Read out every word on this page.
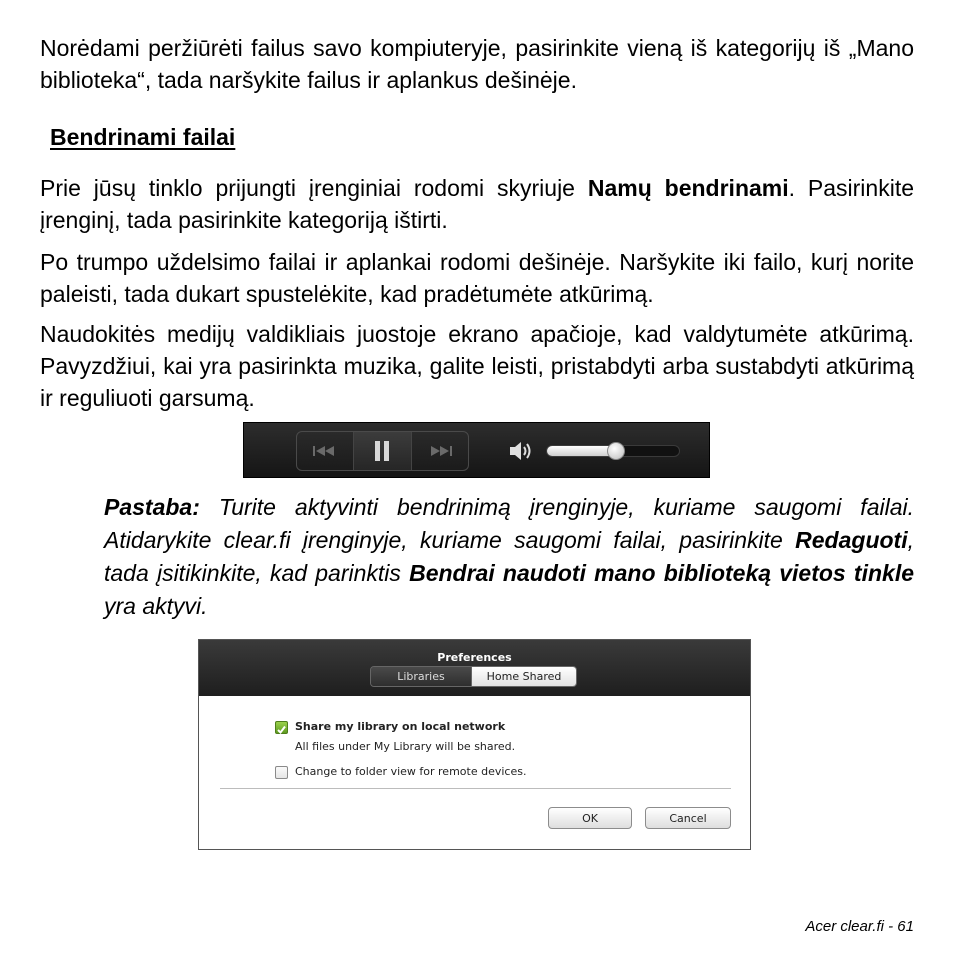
Norėdami peržiūrėti failus savo kompiuteryje, pasirinkite vieną iš kategorijų iš „Mano biblioteka“, tada naršykite failus ir aplankus dešinėje.

Bendrinami failai

Prie jūsų tinklo prijungti įrenginiai rodomi skyriuje Namų bendrinami. Pasirinkite įrenginį, tada pasirinkite kategoriją ištirti.

Po trumpo uždelsimo failai ir aplankai rodomi dešinėje. Naršykite iki failo, kurį norite paleisti, tada dukart spustelėkite, kad pradėtumėte atkūrimą.

Naudokitės medijų valdikliais juostoje ekrano apačioje, kad valdytumėte atkūrimą. Pavyzdžiui, kai yra pasirinkta muzika, galite leisti, pristabdyti arba sustabdyti atkūrimą ir reguliuoti garsumą.

Pastaba: Turite aktyvinti bendrinimą įrenginyje, kuriame saugomi failai. Atidarykite clear.fi įrenginyje, kuriame saugomi failai, pasirinkite Redaguoti, tada įsitikinkite, kad parinktis Bendrai naudoti mano biblioteką vietos tinkle yra aktyvi.

Preferences
Libraries	Home Shared
Share my library on local network
All files under My Library will be shared.
Change to folder view for remote devices.
OK	Cancel
Acer clear.fi - 61
